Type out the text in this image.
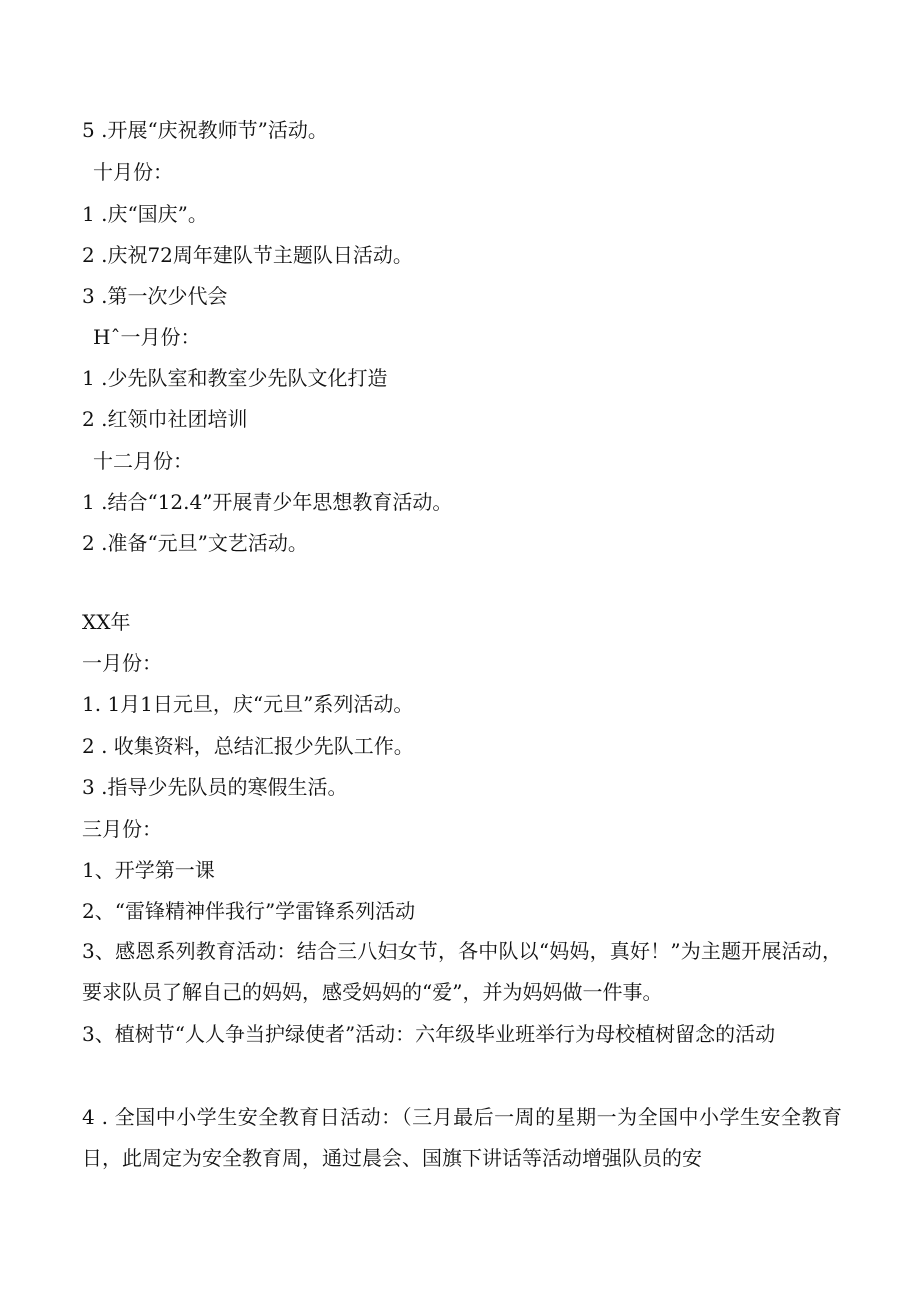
5 .开展“庆祝教师节”活动。
十月份：
1 .庆“国庆”。
2 .庆祝72周年建队节主题队日活动。
3 .第一次少代会
Hˆ一月份：
1 .少先队室和教室少先队文化打造
2 .红领巾社团培训
十二月份：
1 .结合“12.4”开展青少年思想教育活动。
2 .准备“元旦”文艺活动。
XX年
一月份：
1. 1月1日元旦，庆“元旦”系列活动。
2 . 收集资料，总结汇报少先队工作。
3 .指导少先队员的寒假生活。
三月份：
1、开学第一课
2、“雷锋精神伴我行”学雷锋系列活动
3、感恩系列教育活动：结合三八妇女节，各中队以“妈妈，真好！”为主题开展活动，要求队员了解自己的妈妈，感受妈妈的“爱”，并为妈妈做一件事。
3、植树节“人人争当护绿使者”活动：六年级毕业班举行为母校植树留念的活动
4 . 全国中小学生安全教育日活动：（三月最后一周的星期一为全国中小学生安全教育日，此周定为安全教育周，通过晨会、国旗下讲话等活动增强队员的安
